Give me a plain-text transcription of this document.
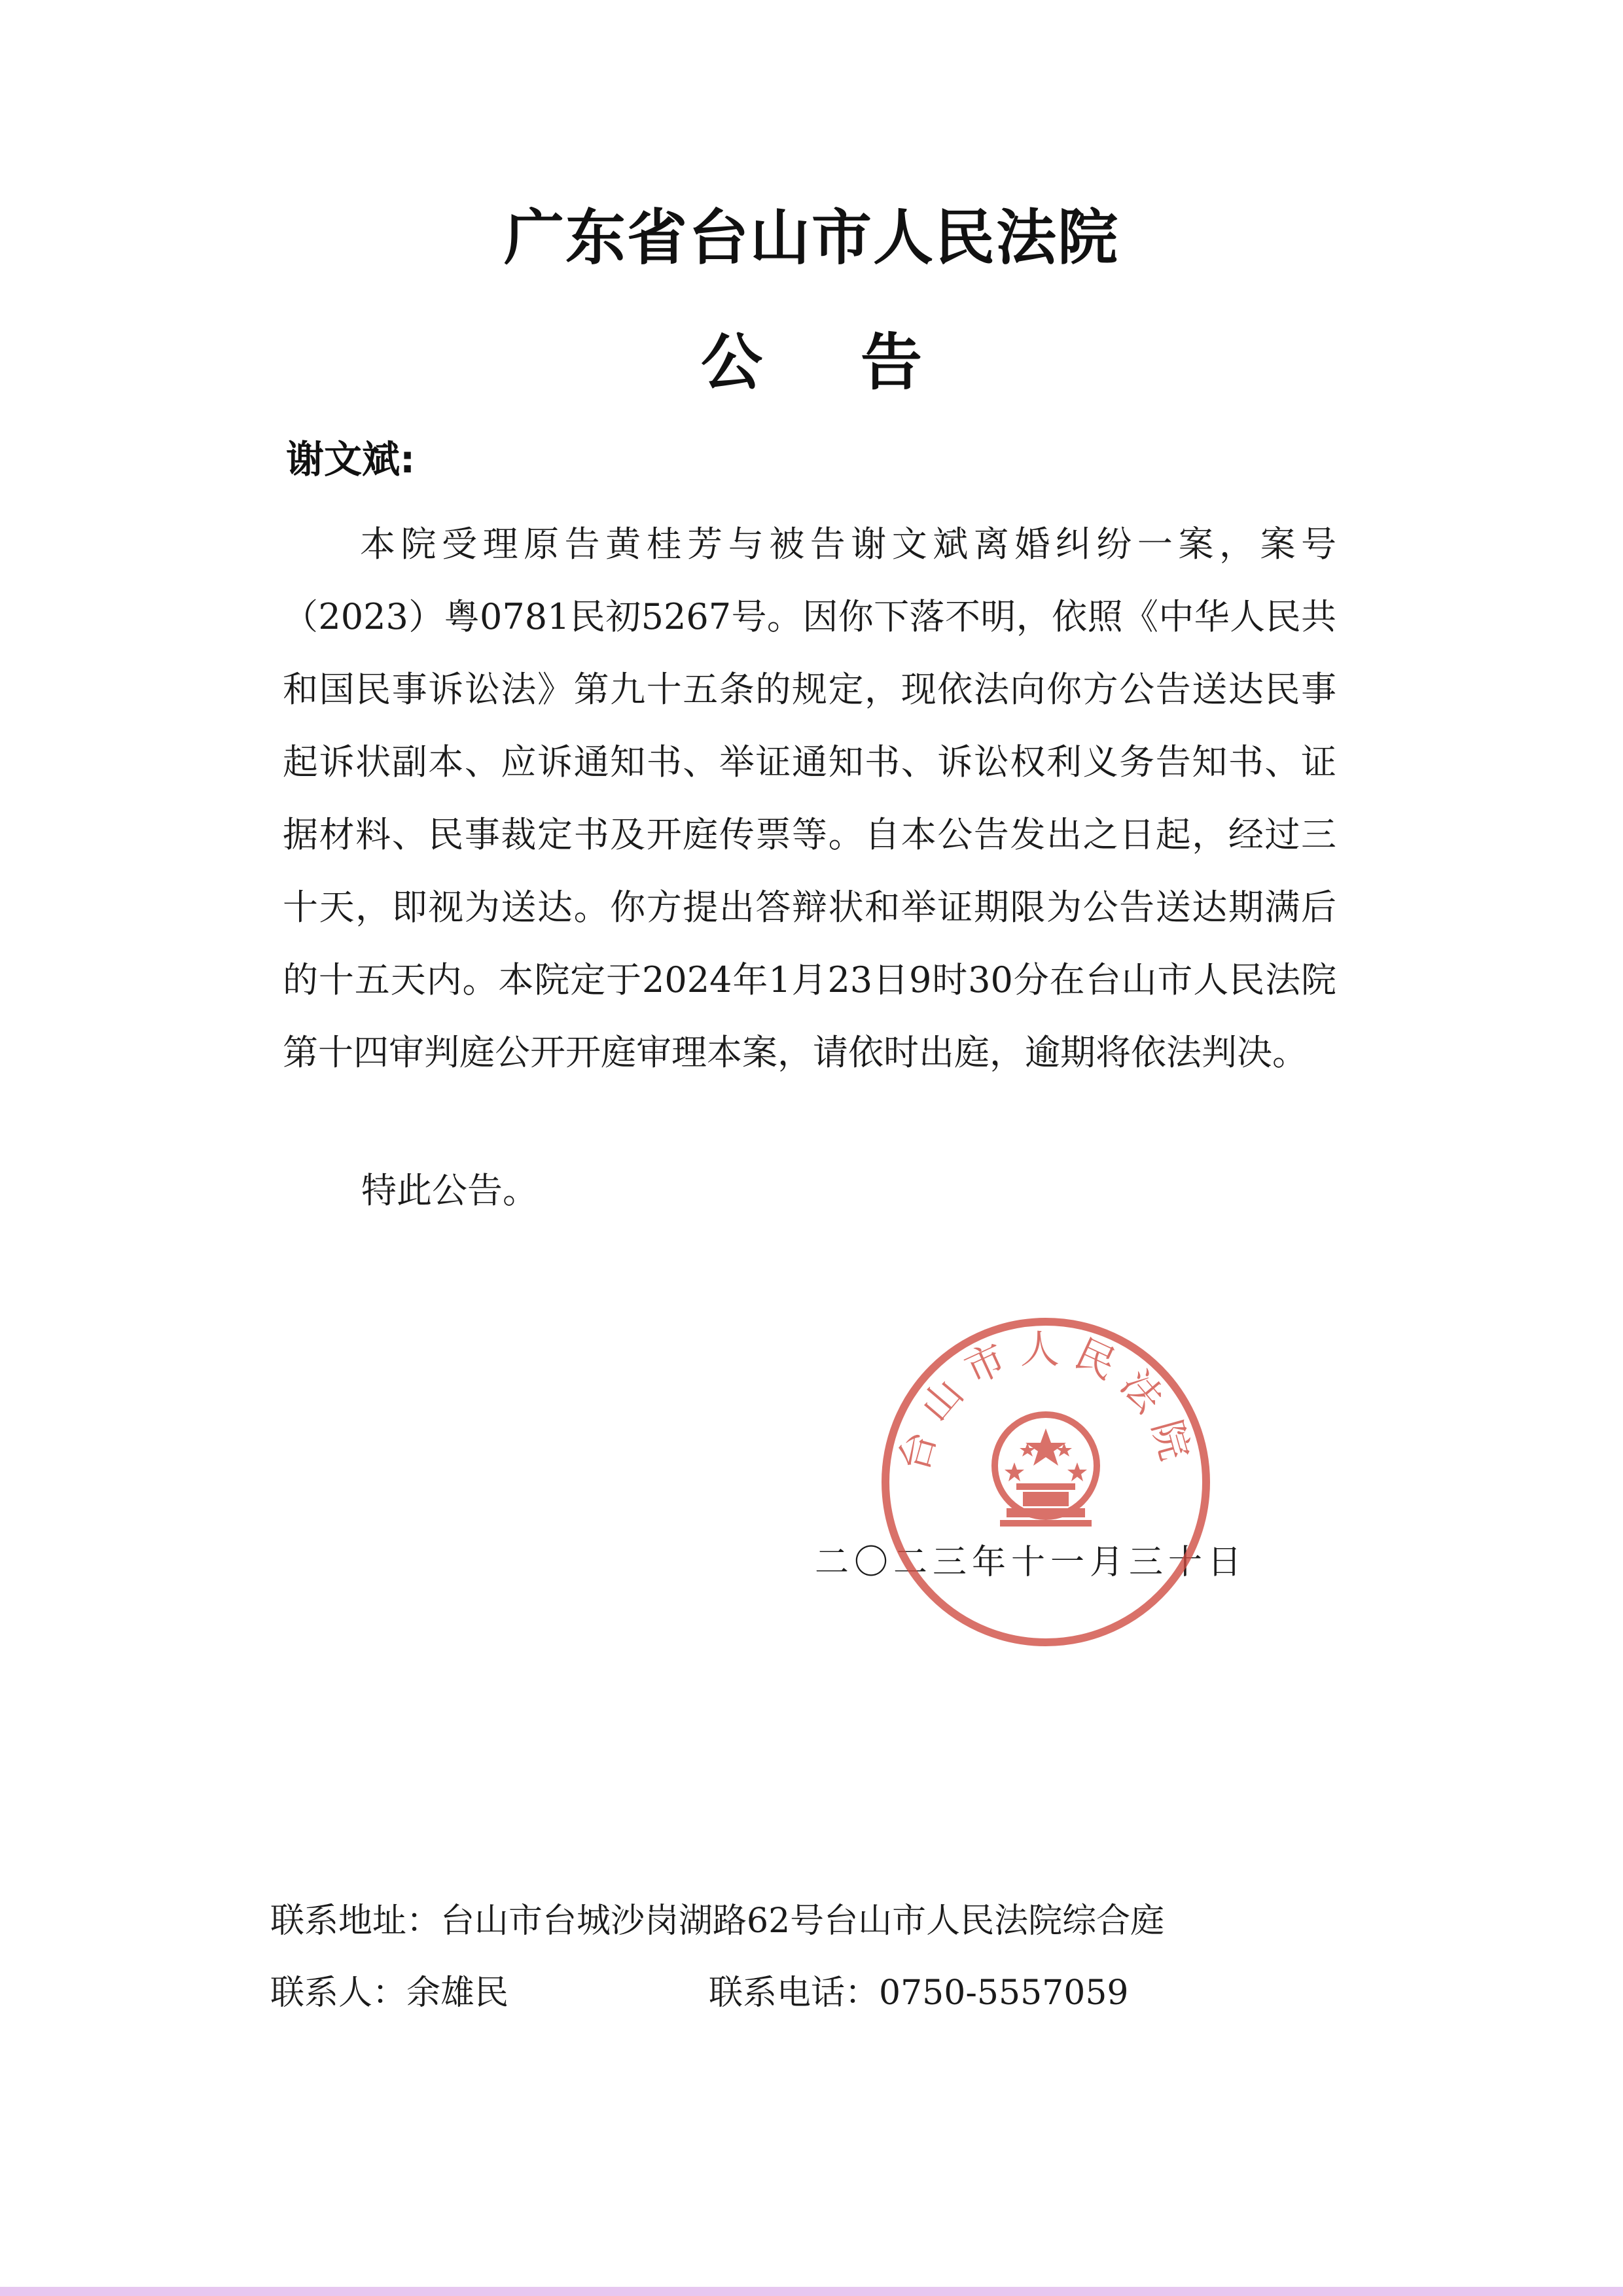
广东省台山市人民法院
公告
谢文斌:

本院受理原告黄桂芳与被告谢文斌离婚纠纷一案，案号（2023）粤0781民初5267号。因你下落不明，依照《中华人民共和国民事诉讼法》第九十五条的规定，现依法向你方公告送达民事起诉状副本、应诉通知书、举证通知书、诉讼权利义务告知书、证据材料、民事裁定书及开庭传票等。自本公告发出之日起，经过三十天，即视为送达。你方提出答辩状和举证期限为公告送达期满后的十五天内。本院定于2024年1月23日9时30分在台山市人民法院第十四审判庭公开开庭审理本案，请依时出庭，逾期将依法判决。

特此公告。
二〇二三年十一月三十日
台山市人民法院
联系地址：台山市台城沙岗湖路62号台山市人民法院综合庭
联系人：余雄民	联系电话：0750-5557059
